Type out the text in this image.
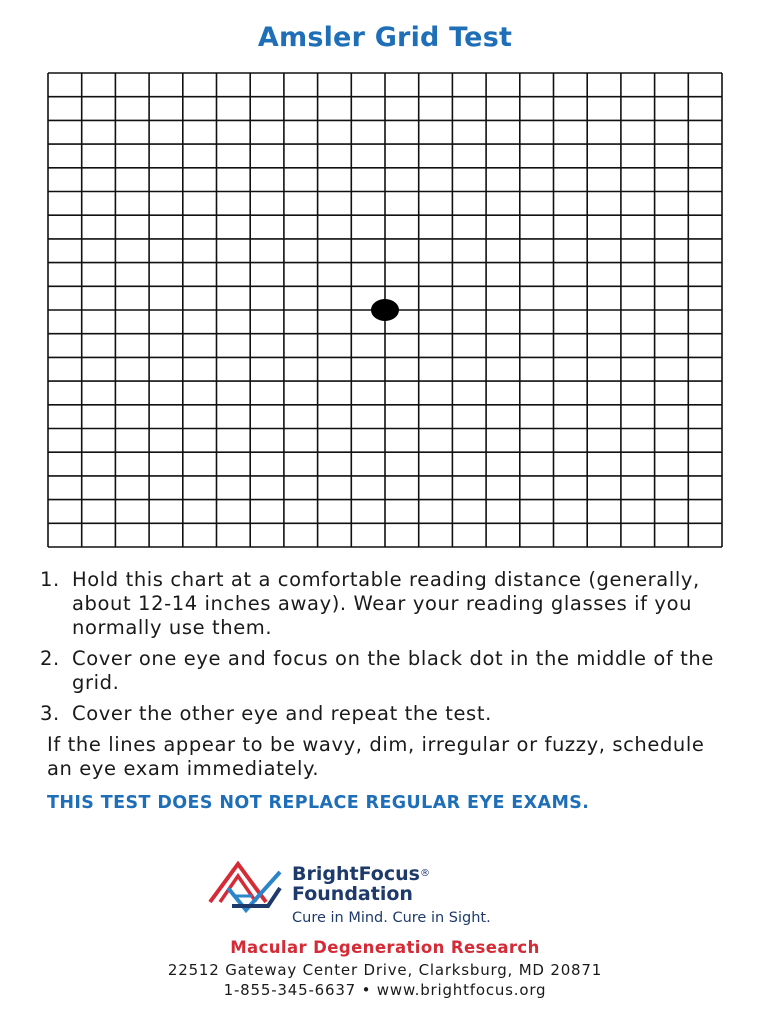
Amsler Grid Test
1. Hold this chart at a comfortable reading distance (generally, about 12-14 inches away). Wear your reading glasses if you normally use them.
2. Cover one eye and focus on the black dot in the middle of the grid.
3. Cover the other eye and repeat the test.
If the lines appear to be wavy, dim, irregular or fuzzy, schedule an eye exam immediately.
THIS TEST DOES NOT REPLACE REGULAR EYE EXAMS.
BrightFocus®
Foundation
Cure in Mind. Cure in Sight.
Macular Degeneration Research
22512 Gateway Center Drive, Clarksburg, MD 20871
1-855-345-6637 • www.brightfocus.org
